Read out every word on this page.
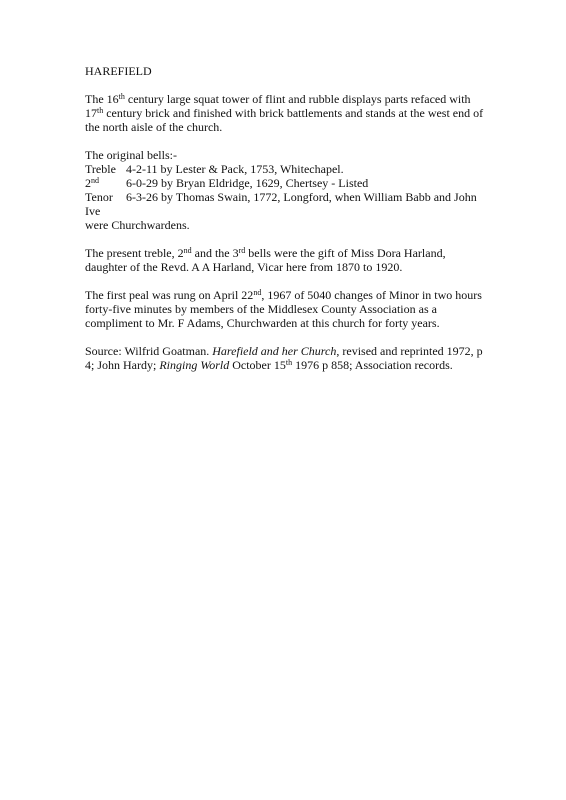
HAREFIELD

The 16th century large squat tower of flint and rubble displays parts refaced with 17th century brick and finished with brick battlements and stands at the west end of the north aisle of the church.

The original bells:-
Treble 4-2-11 by Lester & Pack, 1753, Whitechapel.
2nd 6-0-29 by Bryan Eldridge, 1629, Chertsey - Listed
Tenor 6-3-26 by Thomas Swain, 1772, Longford, when William Babb and John Ive
were Churchwardens.

The present treble, 2nd and the 3rd bells were the gift of Miss Dora Harland, daughter of the Revd. A A Harland, Vicar here from 1870 to 1920.

The first peal was rung on April 22nd, 1967 of 5040 changes of Minor in two hours forty-five minutes by members of the Middlesex County Association as a compliment to Mr. F Adams, Churchwarden at this church for forty years.

Source: Wilfrid Goatman. Harefield and her Church, revised and reprinted 1972, p 4; John Hardy; Ringing World October 15th 1976 p 858; Association records.
